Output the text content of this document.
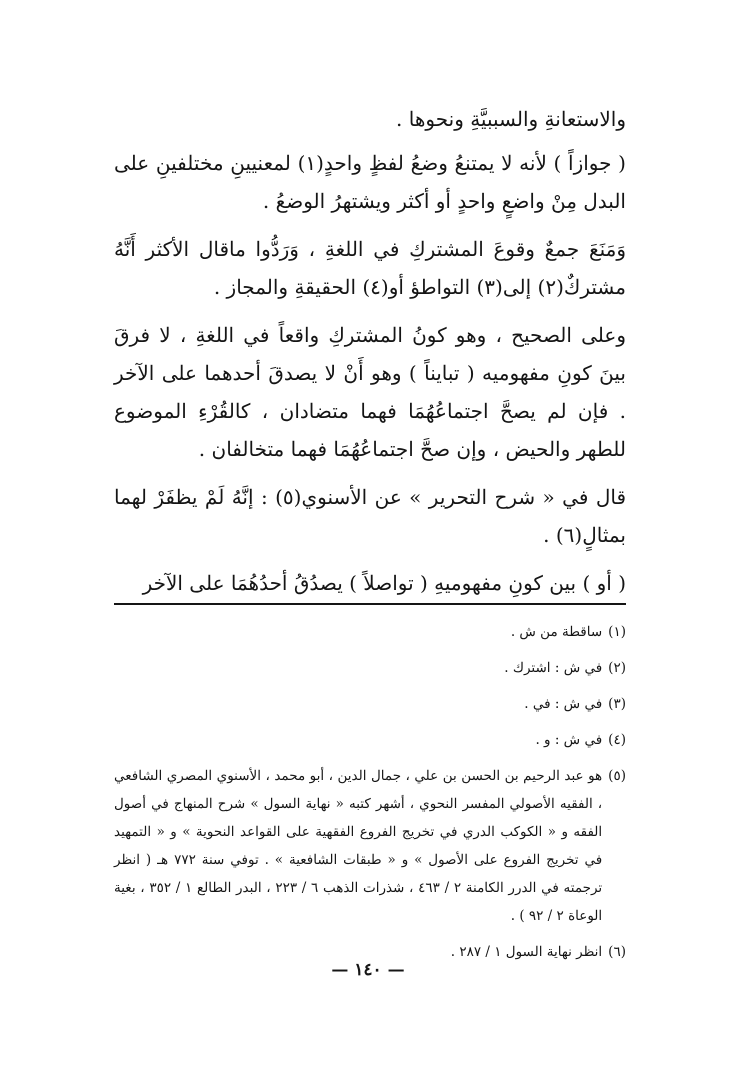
والاستعانةِ والسببيَّةِ ونحوها .

( جوازاً ) لأنه لا يمتنعُ وضعُ لفظٍ واحدٍ(١) لمعنيينِ مختلفينِ على البدل مِنْ واضعٍ واحدٍ أو أكثر ويشتهرُ الوضعُ .

وَمَنَعَ جمعٌ وقوعَ المشتركِ في اللغةِ ، وَرَدُّوا ماقال الأكثر أَنَّهُ مشتركٌ(٢) إلى(٣) التواطؤ أو(٤) الحقيقةِ والمجاز .

وعلى الصحيح ، وهو كونُ المشتركِ واقعاً في اللغةِ ، لا فرقَ بينَ كونِ مفهوميه ( تبايناً ) وهو أَنْ لا يصدقَ أحدهما على الآخر . فإن لم يصحَّ اجتماعُهُمَا فهما متضادان ، كالقُرْءِ الموضوع للطهر والحيض ، وإن صحَّ اجتماعُهُمَا فهما متخالفان .

قال في « شرح التحرير » عن الأسنوي(٥) : إنَّهُ لَمْ يظفَرْ لهما بمثالٍ(٦) .

( أو ) بين كونِ مفهوميهِ ( تواصلاً ) يصدُقُ أحدُهُمَا على الآخر

(١)
ساقطة من ش .
(٢)
في ش : اشترك .
(٣)
في ش : في .
(٤)
في ش : و .
(٥)
هو عبد الرحيم بن الحسن بن علي ، جمال الدين ، أبو محمد ، الأسنوي المصري الشافعي ، الفقيه الأصولي المفسر النحوي ، أشهر كتبه « نهاية السول » شرح المنهاج في أصول الفقه و « الكوكب الدري في تخريج الفروع الفقهية على القواعد النحوية » و « التمهيد في تخريج الفروع على الأصول » و « طبقات الشافعية » . توفي سنة ٧٧٢ هـ ( انظر ترجمته في الدرر الكامنة ٢ / ٤٦٣ ، شذرات الذهب ٦ / ٢٢٣ ، البدر الطالع ١ / ٣٥٢ ، بغية الوعاة ٢ / ٩٢ ) .
(٦)
انظر نهاية السول ١ / ٢٨٧ .
— ١٤٠ —
